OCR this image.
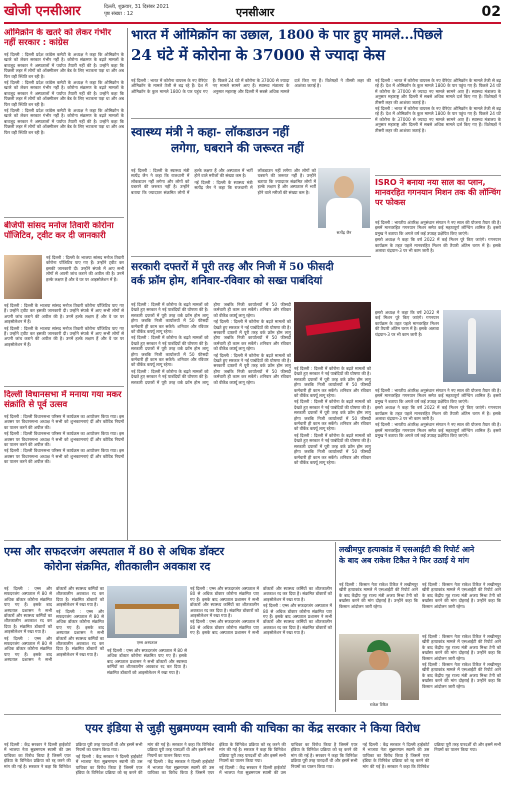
खोजी एनसीआर	दिल्ली, शुक्रवार, 31 दिसंबर 2021
पृष्ठ संख्या : 12	एनसीआर	02
ओमिक्रोन के खतरे को लेकर गंभीर नहीं सरकार : कांग्रेस

नई दिल्ली : दिल्ली प्रदेश कांग्रेस कमेटी के अध्यक्ष ने कहा कि ओमिक्रोन के खतरे को लेकर सरकार गंभीर नहीं है। कोरोना संक्रमण के बढ़ते मामलों के बावजूद सरकार ने अस्पतालों में पर्याप्त तैयारी नहीं की है। उन्होंने कहा कि पिछली लहर में लोगों को ऑक्सीजन और बेड के लिए भटकना पड़ा था और अब फिर वही स्थिति बन रही है।

नई दिल्ली : दिल्ली प्रदेश कांग्रेस कमेटी के अध्यक्ष ने कहा कि ओमिक्रोन के खतरे को लेकर सरकार गंभीर नहीं है। कोरोना संक्रमण के बढ़ते मामलों के बावजूद सरकार ने अस्पतालों में पर्याप्त तैयारी नहीं की है। उन्होंने कहा कि पिछली लहर में लोगों को ऑक्सीजन और बेड के लिए भटकना पड़ा था और अब फिर वही स्थिति बन रही है।

नई दिल्ली : दिल्ली प्रदेश कांग्रेस कमेटी के अध्यक्ष ने कहा कि ओमिक्रोन के खतरे को लेकर सरकार गंभीर नहीं है। कोरोना संक्रमण के बढ़ते मामलों के बावजूद सरकार ने अस्पतालों में पर्याप्त तैयारी नहीं की है। उन्होंने कहा कि पिछली लहर में लोगों को ऑक्सीजन और बेड के लिए भटकना पड़ा था और अब फिर वही स्थिति बन रही है।

बीजेपी सांसद मनोज तिवारी कोरोना पॉजिटिव, ट्वीट कर दी जानकारी

नई दिल्ली : दिल्ली के भाजपा सांसद मनोज तिवारी कोरोना पॉजिटिव पाए गए हैं। उन्होंने ट्वीट कर इसकी जानकारी दी। उन्होंने संपर्क में आए सभी लोगों से अपनी जांच कराने की अपील की है। उनमें हल्के लक्षण हैं और वे घर पर आइसोलेशन में हैं।

नई दिल्ली : दिल्ली के भाजपा सांसद मनोज तिवारी कोरोना पॉजिटिव पाए गए हैं। उन्होंने ट्वीट कर इसकी जानकारी दी। उन्होंने संपर्क में आए सभी लोगों से अपनी जांच कराने की अपील की है। उनमें हल्के लक्षण हैं और वे घर पर आइसोलेशन में हैं।

नई दिल्ली : दिल्ली के भाजपा सांसद मनोज तिवारी कोरोना पॉजिटिव पाए गए हैं। उन्होंने ट्वीट कर इसकी जानकारी दी। उन्होंने संपर्क में आए सभी लोगों से अपनी जांच कराने की अपील की है। उनमें हल्के लक्षण हैं और वे घर पर आइसोलेशन में हैं।

दिल्ली विधानसभा में मनाया गया मकर संक्रांति से पूर्व उत्सव

नई दिल्ली : दिल्ली विधानसभा परिसर में कार्यक्रम का आयोजन किया गया। इस अवसर पर विधानसभा अध्यक्ष ने सभी को शुभकामनाएं दीं और कोविड नियमों का पालन करने की अपील की।

नई दिल्ली : दिल्ली विधानसभा परिसर में कार्यक्रम का आयोजन किया गया। इस अवसर पर विधानसभा अध्यक्ष ने सभी को शुभकामनाएं दीं और कोविड नियमों का पालन करने की अपील की।

नई दिल्ली : दिल्ली विधानसभा परिसर में कार्यक्रम का आयोजन किया गया। इस अवसर पर विधानसभा अध्यक्ष ने सभी को शुभकामनाएं दीं और कोविड नियमों का पालन करने की अपील की।

भारत में ओमिक्रॉन का उछाल, 1800 के पार हुए मामले...पिछले
24 घंटे में कोरोना के 37000 से ज्यादा केस

नई दिल्ली : भारत में कोरोना वायरस के नए वेरिएंट ओमिक्रॉन के मामले तेजी से बढ़ रहे हैं। देश में ओमिक्रॉन के कुल मामले 1800 के पार पहुंच गए हैं। पिछले 24 घंटे में कोरोना के 37000 से ज्यादा नए मामले सामने आए हैं। स्वास्थ्य मंत्रालय के अनुसार महाराष्ट्र और दिल्ली में सबसे अधिक मामले दर्ज किए गए हैं। विशेषज्ञों ने तीसरी लहर की आशंका जताई है।

नई दिल्ली : भारत में कोरोना वायरस के नए वेरिएंट ओमिक्रॉन के मामले तेजी से बढ़ रहे हैं। देश में ओमिक्रॉन के कुल मामले 1800 के पार पहुंच गए हैं। पिछले 24 घंटे में कोरोना के 37000 से ज्यादा नए मामले सामने आए हैं। स्वास्थ्य मंत्रालय के अनुसार महाराष्ट्र और दिल्ली में सबसे अधिक मामले दर्ज किए गए हैं। विशेषज्ञों ने तीसरी लहर की आशंका जताई है।

नई दिल्ली : भारत में कोरोना वायरस के नए वेरिएंट ओमिक्रॉन के मामले तेजी से बढ़ रहे हैं। देश में ओमिक्रॉन के कुल मामले 1800 के पार पहुंच गए हैं। पिछले 24 घंटे में कोरोना के 37000 से ज्यादा नए मामले सामने आए हैं। स्वास्थ्य मंत्रालय के अनुसार महाराष्ट्र और दिल्ली में सबसे अधिक मामले दर्ज किए गए हैं। विशेषज्ञों ने तीसरी लहर की आशंका जताई है।

ISRO ने बनाया नया साल का प्लान, मानवरहित गगनयान मिशन तक की लॉन्चिंग पर फोकस

नई दिल्ली : भारतीय अंतरिक्ष अनुसंधान संगठन ने नए साल की योजना तैयार की है। इसमें मानवरहित गगनयान मिशन समेत कई महत्वपूर्ण लॉन्चिंग शामिल हैं। इसरो प्रमुख ने बताया कि अगले वर्ष कई उपग्रह प्रक्षेपित किए जाएंगे।

इसरो अध्यक्ष ने कहा कि वर्ष 2022 में कई मिशन पूरे किए जाएंगे। गगनयान कार्यक्रम के तहत पहले मानवरहित मिशन की तैयारी अंतिम चरण में है। इसके अलावा चंद्रयान-3 पर भी काम जारी है।

इसरो अध्यक्ष ने कहा कि वर्ष 2022 में कई मिशन पूरे किए जाएंगे। गगनयान कार्यक्रम के तहत पहले मानवरहित मिशन की तैयारी अंतिम चरण में है। इसके अलावा चंद्रयान-3 पर भी काम जारी है।

नई दिल्ली : भारतीय अंतरिक्ष अनुसंधान संगठन ने नए साल की योजना तैयार की है। इसमें मानवरहित गगनयान मिशन समेत कई महत्वपूर्ण लॉन्चिंग शामिल हैं। इसरो प्रमुख ने बताया कि अगले वर्ष कई उपग्रह प्रक्षेपित किए जाएंगे।

इसरो अध्यक्ष ने कहा कि वर्ष 2022 में कई मिशन पूरे किए जाएंगे। गगनयान कार्यक्रम के तहत पहले मानवरहित मिशन की तैयारी अंतिम चरण में है। इसके अलावा चंद्रयान-3 पर भी काम जारी है।

नई दिल्ली : भारतीय अंतरिक्ष अनुसंधान संगठन ने नए साल की योजना तैयार की है। इसमें मानवरहित गगनयान मिशन समेत कई महत्वपूर्ण लॉन्चिंग शामिल हैं। इसरो प्रमुख ने बताया कि अगले वर्ष कई उपग्रह प्रक्षेपित किए जाएंगे।

स्वास्थ्य मंत्री ने कहा- लॉकडाउन नहीं
लगेगा, घबराने की जरूरत नहीं

नई दिल्ली : दिल्ली के स्वास्थ्य मंत्री सत्येंद्र जैन ने कहा कि राजधानी में लॉकडाउन नहीं लगेगा और लोगों को घबराने की जरूरत नहीं है। उन्होंने बताया कि ज्यादातर संक्रमित लोगों में हल्के लक्षण हैं और अस्पताल में भर्ती होने वाले मरीजों की संख्या कम है।

नई दिल्ली : दिल्ली के स्वास्थ्य मंत्री सत्येंद्र जैन ने कहा कि राजधानी में लॉकडाउन नहीं लगेगा और लोगों को घबराने की जरूरत नहीं है। उन्होंने बताया कि ज्यादातर संक्रमित लोगों में हल्के लक्षण हैं और अस्पताल में भर्ती होने वाले मरीजों की संख्या कम है।

सत्येंद्र जैन
सरकारी दफ्तरों में पूरी तरह और निजी में 50 फीसदी
वर्क फ्रॉम होम, शनिवार-रविवार को सख्त पाबंदियां

नई दिल्ली : दिल्ली में कोरोना के बढ़ते मामलों को देखते हुए सरकार ने नई पाबंदियों की घोषणा की है। सरकारी दफ्तरों में पूरी तरह वर्क फ्रॉम होम लागू होगा जबकि निजी कार्यालयों में 50 फीसदी कर्मचारी ही काम कर सकेंगे। शनिवार और रविवार को वीकेंड कर्फ्यू लागू रहेगा।

नई दिल्ली : दिल्ली में कोरोना के बढ़ते मामलों को देखते हुए सरकार ने नई पाबंदियों की घोषणा की है। सरकारी दफ्तरों में पूरी तरह वर्क फ्रॉम होम लागू होगा जबकि निजी कार्यालयों में 50 फीसदी कर्मचारी ही काम कर सकेंगे। शनिवार और रविवार को वीकेंड कर्फ्यू लागू रहेगा।

नई दिल्ली : दिल्ली में कोरोना के बढ़ते मामलों को देखते हुए सरकार ने नई पाबंदियों की घोषणा की है। सरकारी दफ्तरों में पूरी तरह वर्क फ्रॉम होम लागू होगा जबकि निजी कार्यालयों में 50 फीसदी कर्मचारी ही काम कर सकेंगे। शनिवार और रविवार को वीकेंड कर्फ्यू लागू रहेगा।

नई दिल्ली : दिल्ली में कोरोना के बढ़ते मामलों को देखते हुए सरकार ने नई पाबंदियों की घोषणा की है। सरकारी दफ्तरों में पूरी तरह वर्क फ्रॉम होम लागू होगा जबकि निजी कार्यालयों में 50 फीसदी कर्मचारी ही काम कर सकेंगे। शनिवार और रविवार को वीकेंड कर्फ्यू लागू रहेगा।

नई दिल्ली : दिल्ली में कोरोना के बढ़ते मामलों को देखते हुए सरकार ने नई पाबंदियों की घोषणा की है। सरकारी दफ्तरों में पूरी तरह वर्क फ्रॉम होम लागू होगा जबकि निजी कार्यालयों में 50 फीसदी कर्मचारी ही काम कर सकेंगे। शनिवार और रविवार को वीकेंड कर्फ्यू लागू रहेगा।

नई दिल्ली : दिल्ली में कोरोना के बढ़ते मामलों को देखते हुए सरकार ने नई पाबंदियों की घोषणा की है। सरकारी दफ्तरों में पूरी तरह वर्क फ्रॉम होम लागू होगा जबकि निजी कार्यालयों में 50 फीसदी कर्मचारी ही काम कर सकेंगे। शनिवार और रविवार को वीकेंड कर्फ्यू लागू रहेगा।

नई दिल्ली : दिल्ली में कोरोना के बढ़ते मामलों को देखते हुए सरकार ने नई पाबंदियों की घोषणा की है। सरकारी दफ्तरों में पूरी तरह वर्क फ्रॉम होम लागू होगा जबकि निजी कार्यालयों में 50 फीसदी कर्मचारी ही काम कर सकेंगे। शनिवार और रविवार को वीकेंड कर्फ्यू लागू रहेगा।

नई दिल्ली : दिल्ली में कोरोना के बढ़ते मामलों को देखते हुए सरकार ने नई पाबंदियों की घोषणा की है। सरकारी दफ्तरों में पूरी तरह वर्क फ्रॉम होम लागू होगा जबकि निजी कार्यालयों में 50 फीसदी कर्मचारी ही काम कर सकेंगे। शनिवार और रविवार को वीकेंड कर्फ्यू लागू रहेगा।

एम्स और सफदरजंग अस्पताल में 80 से अधिक डॉक्टर
कोरोना संक्रमित, शीतकालीन अवकाश रद

नई दिल्ली : एम्स और सफदरजंग अस्पताल में 80 से अधिक डॉक्टर कोरोना संक्रमित पाए गए हैं। इसके बाद अस्पताल प्रशासन ने सभी डॉक्टरों और स्वास्थ्य कर्मियों का शीतकालीन अवकाश रद कर दिया है। संक्रमित डॉक्टरों को आइसोलेशन में रखा गया है।

नई दिल्ली : एम्स और सफदरजंग अस्पताल में 80 से अधिक डॉक्टर कोरोना संक्रमित पाए गए हैं। इसके बाद अस्पताल प्रशासन ने सभी डॉक्टरों और स्वास्थ्य कर्मियों का शीतकालीन अवकाश रद कर दिया है। संक्रमित डॉक्टरों को आइसोलेशन में रखा गया है।

नई दिल्ली : एम्स और सफदरजंग अस्पताल में 80 से अधिक डॉक्टर कोरोना संक्रमित पाए गए हैं। इसके बाद अस्पताल प्रशासन ने सभी डॉक्टरों और स्वास्थ्य कर्मियों का शीतकालीन अवकाश रद कर दिया है। संक्रमित डॉक्टरों को आइसोलेशन में रखा गया है।

एम्स अस्पताल

नई दिल्ली : एम्स और सफदरजंग अस्पताल में 80 से अधिक डॉक्टर कोरोना संक्रमित पाए गए हैं। इसके बाद अस्पताल प्रशासन ने सभी डॉक्टरों और स्वास्थ्य कर्मियों का शीतकालीन अवकाश रद कर दिया है। संक्रमित डॉक्टरों को आइसोलेशन में रखा गया है।

नई दिल्ली : एम्स और सफदरजंग अस्पताल में 80 से अधिक डॉक्टर कोरोना संक्रमित पाए गए हैं। इसके बाद अस्पताल प्रशासन ने सभी डॉक्टरों और स्वास्थ्य कर्मियों का शीतकालीन अवकाश रद कर दिया है। संक्रमित डॉक्टरों को आइसोलेशन में रखा गया है।

नई दिल्ली : एम्स और सफदरजंग अस्पताल में 80 से अधिक डॉक्टर कोरोना संक्रमित पाए गए हैं। इसके बाद अस्पताल प्रशासन ने सभी डॉक्टरों और स्वास्थ्य कर्मियों का शीतकालीन अवकाश रद कर दिया है। संक्रमित डॉक्टरों को आइसोलेशन में रखा गया है।

नई दिल्ली : एम्स और सफदरजंग अस्पताल में 80 से अधिक डॉक्टर कोरोना संक्रमित पाए गए हैं। इसके बाद अस्पताल प्रशासन ने सभी डॉक्टरों और स्वास्थ्य कर्मियों का शीतकालीन अवकाश रद कर दिया है। संक्रमित डॉक्टरों को आइसोलेशन में रखा गया है।

लखीमपुर हत्याकांड में एसआईटी की रिपोर्ट आने
के बाद अब राकेश टिकैत ने फिर उठाई ये मांग

नई दिल्ली : किसान नेता राकेश टिकैत ने लखीमपुर खीरी हत्याकांड मामले में एसआईटी की रिपोर्ट आने के बाद केंद्रीय गृह राज्य मंत्री अजय मिश्रा टेनी को बर्खास्त करने की मांग दोहराई है। उन्होंने कहा कि किसान आंदोलन जारी रहेगा।

नई दिल्ली : किसान नेता राकेश टिकैत ने लखीमपुर खीरी हत्याकांड मामले में एसआईटी की रिपोर्ट आने के बाद केंद्रीय गृह राज्य मंत्री अजय मिश्रा टेनी को बर्खास्त करने की मांग दोहराई है। उन्होंने कहा कि किसान आंदोलन जारी रहेगा।

राकेश टिकैत

नई दिल्ली : किसान नेता राकेश टिकैत ने लखीमपुर खीरी हत्याकांड मामले में एसआईटी की रिपोर्ट आने के बाद केंद्रीय गृह राज्य मंत्री अजय मिश्रा टेनी को बर्खास्त करने की मांग दोहराई है। उन्होंने कहा कि किसान आंदोलन जारी रहेगा।

नई दिल्ली : किसान नेता राकेश टिकैत ने लखीमपुर खीरी हत्याकांड मामले में एसआईटी की रिपोर्ट आने के बाद केंद्रीय गृह राज्य मंत्री अजय मिश्रा टेनी को बर्खास्त करने की मांग दोहराई है। उन्होंने कहा कि किसान आंदोलन जारी रहेगा।

एयर इंडिया से जुड़ी सुब्रमण्यम स्वामी की याचिका का केंद्र सरकार ने किया विरोध

नई दिल्ली : केंद्र सरकार ने दिल्ली हाईकोर्ट में भाजपा नेता सुब्रमण्यम स्वामी की उस याचिका का विरोध किया है जिसमें एयर इंडिया के विनिवेश प्रक्रिया को रद्द करने की मांग की गई है। सरकार ने कहा कि विनिवेश प्रक्रिया पूरी तरह पारदर्शी थी और इसमें सभी नियमों का पालन किया गया।

नई दिल्ली : केंद्र सरकार ने दिल्ली हाईकोर्ट में भाजपा नेता सुब्रमण्यम स्वामी की उस याचिका का विरोध किया है जिसमें एयर इंडिया के विनिवेश प्रक्रिया को रद्द करने की मांग की गई है। सरकार ने कहा कि विनिवेश प्रक्रिया पूरी तरह पारदर्शी थी और इसमें सभी नियमों का पालन किया गया।

नई दिल्ली : केंद्र सरकार ने दिल्ली हाईकोर्ट में भाजपा नेता सुब्रमण्यम स्वामी की उस याचिका का विरोध किया है जिसमें एयर इंडिया के विनिवेश प्रक्रिया को रद्द करने की मांग की गई है। सरकार ने कहा कि विनिवेश प्रक्रिया पूरी तरह पारदर्शी थी और इसमें सभी नियमों का पालन किया गया।

नई दिल्ली : केंद्र सरकार ने दिल्ली हाईकोर्ट में भाजपा नेता सुब्रमण्यम स्वामी की उस याचिका का विरोध किया है जिसमें एयर इंडिया के विनिवेश प्रक्रिया को रद्द करने की मांग की गई है। सरकार ने कहा कि विनिवेश प्रक्रिया पूरी तरह पारदर्शी थी और इसमें सभी नियमों का पालन किया गया।

नई दिल्ली : केंद्र सरकार ने दिल्ली हाईकोर्ट में भाजपा नेता सुब्रमण्यम स्वामी की उस याचिका का विरोध किया है जिसमें एयर इंडिया के विनिवेश प्रक्रिया को रद्द करने की मांग की गई है। सरकार ने कहा कि विनिवेश प्रक्रिया पूरी तरह पारदर्शी थी और इसमें सभी नियमों का पालन किया गया।
